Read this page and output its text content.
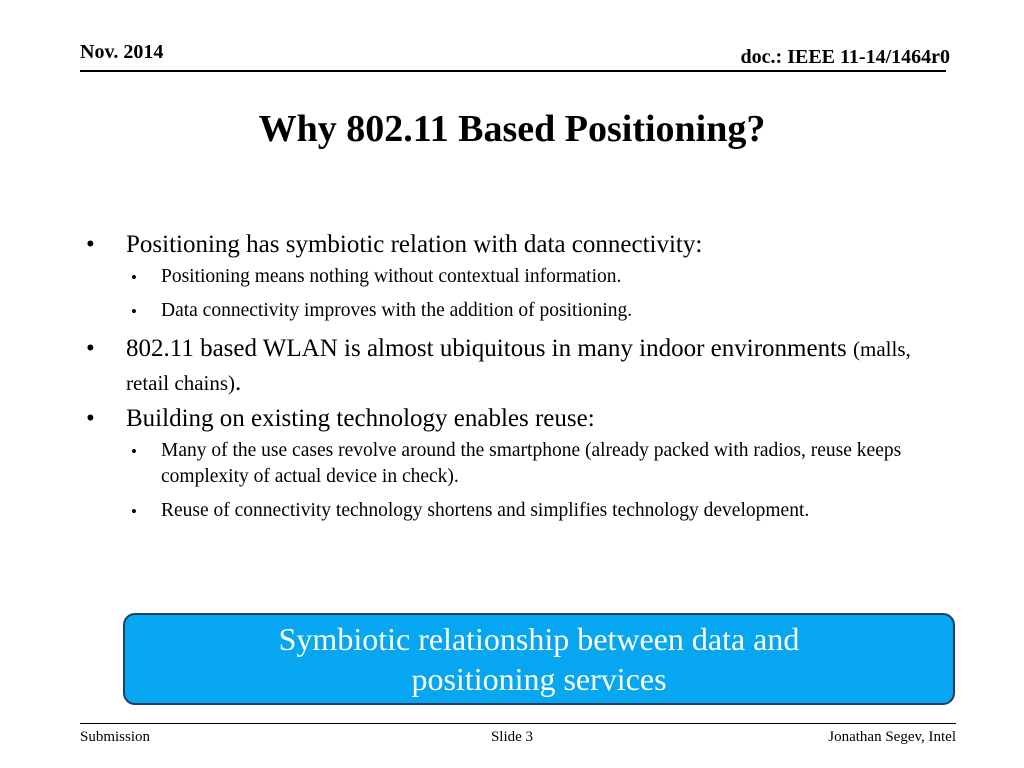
Nov. 2014	doc.: IEEE 11-14/1464r0
Why 802.11 Based Positioning?
• Positioning has symbiotic relation with data connectivity:
• Positioning means nothing without contextual information.
• Data connectivity improves with the addition of positioning.
• 802.11 based WLAN is almost ubiquitous in many indoor environments (malls, retail chains).
• Building on existing technology enables reuse:
• Many of the use cases revolve around the smartphone (already packed with radios, reuse keeps complexity of actual device in check).
• Reuse of connectivity technology shortens and simplifies technology development.
Symbiotic relationship between data and positioning services
Submission	Slide 3	Jonathan Segev, Intel
